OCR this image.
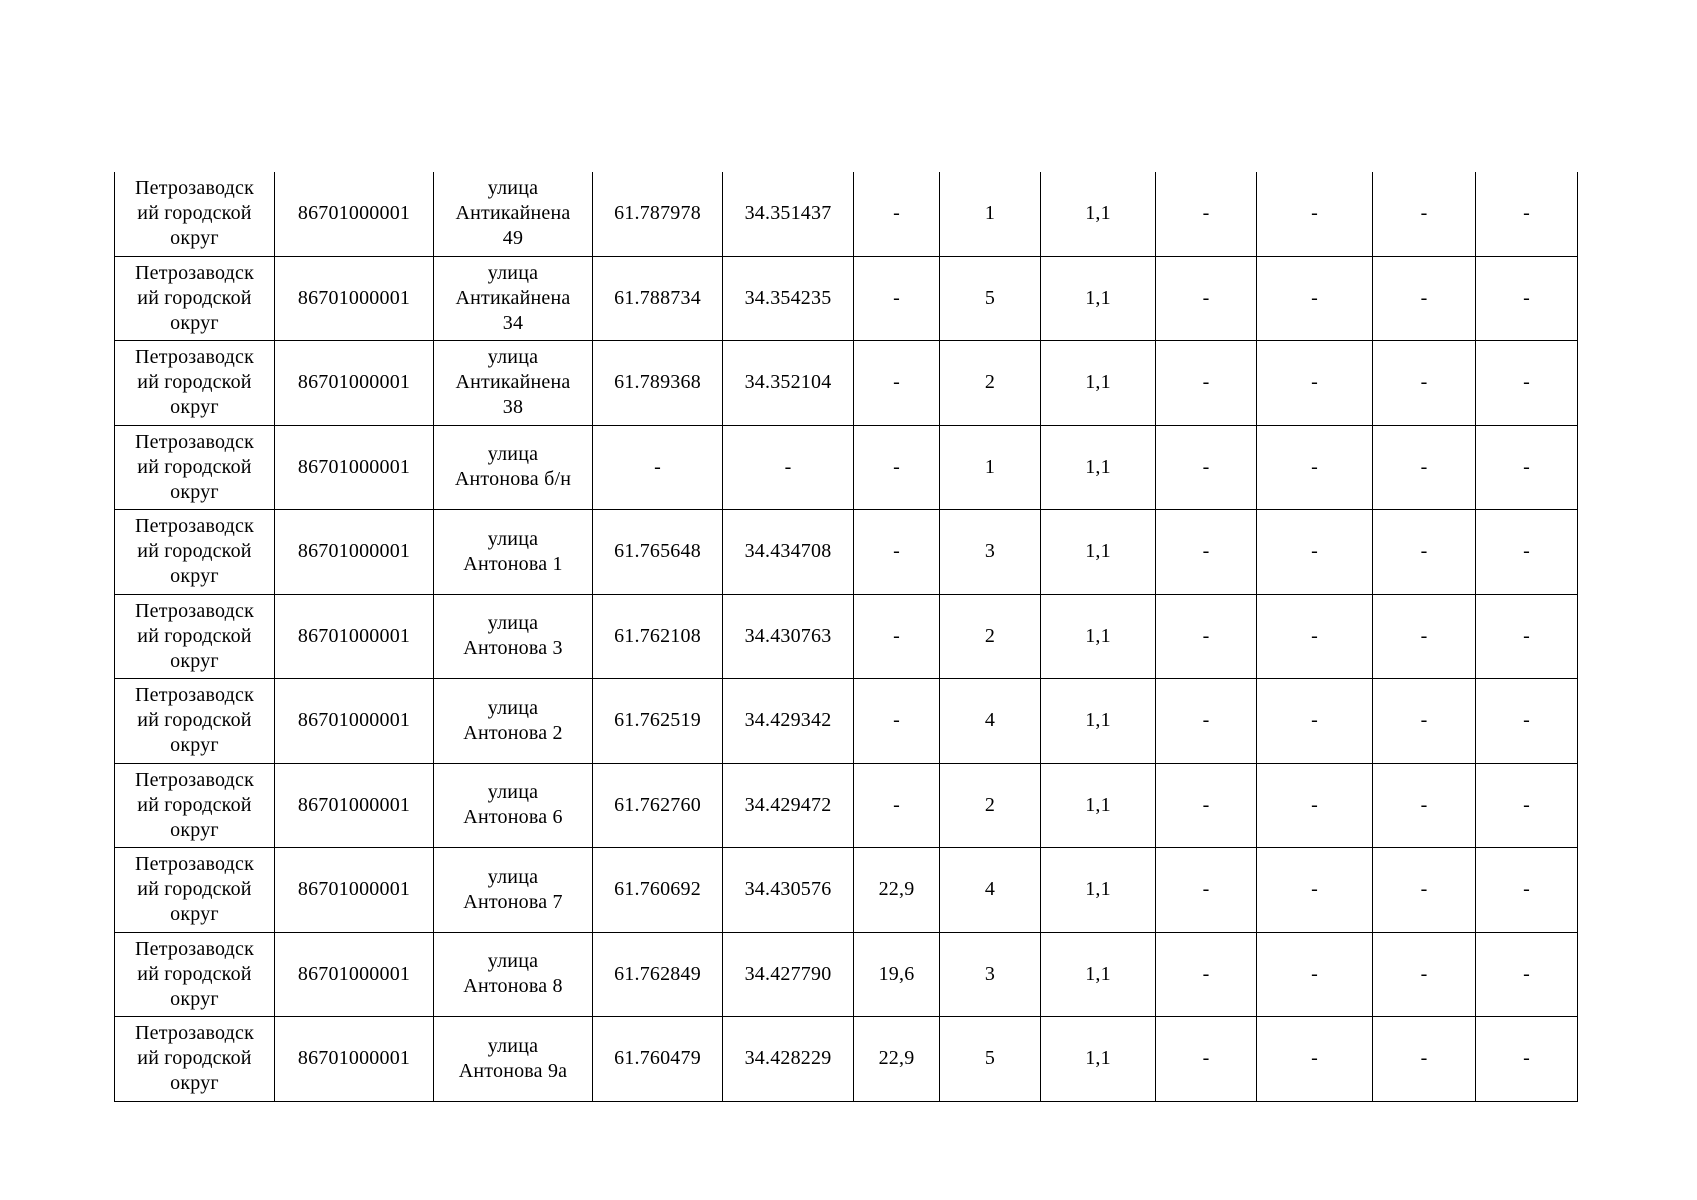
Петрозаводск
ий городской
округ	86701000001	улица
Антикайнена
49	61.787978	34.351437	-	1	1,1	-	-	-	-
Петрозаводск
ий городской
округ	86701000001	улица
Антикайнена
34	61.788734	34.354235	-	5	1,1	-	-	-	-
Петрозаводск
ий городской
округ	86701000001	улица
Антикайнена
38	61.789368	34.352104	-	2	1,1	-	-	-	-
Петрозаводск
ий городской
округ	86701000001	улица
Антонова б/н	-	-	-	1	1,1	-	-	-	-
Петрозаводск
ий городской
округ	86701000001	улица
Антонова 1	61.765648	34.434708	-	3	1,1	-	-	-	-
Петрозаводск
ий городской
округ	86701000001	улица
Антонова 3	61.762108	34.430763	-	2	1,1	-	-	-	-
Петрозаводск
ий городской
округ	86701000001	улица
Антонова 2	61.762519	34.429342	-	4	1,1	-	-	-	-
Петрозаводск
ий городской
округ	86701000001	улица
Антонова 6	61.762760	34.429472	-	2	1,1	-	-	-	-
Петрозаводск
ий городской
округ	86701000001	улица
Антонова 7	61.760692	34.430576	22,9	4	1,1	-	-	-	-
Петрозаводск
ий городской
округ	86701000001	улица
Антонова 8	61.762849	34.427790	19,6	3	1,1	-	-	-	-
Петрозаводск
ий городской
округ	86701000001	улица
Антонова 9а	61.760479	34.428229	22,9	5	1,1	-	-	-	-
